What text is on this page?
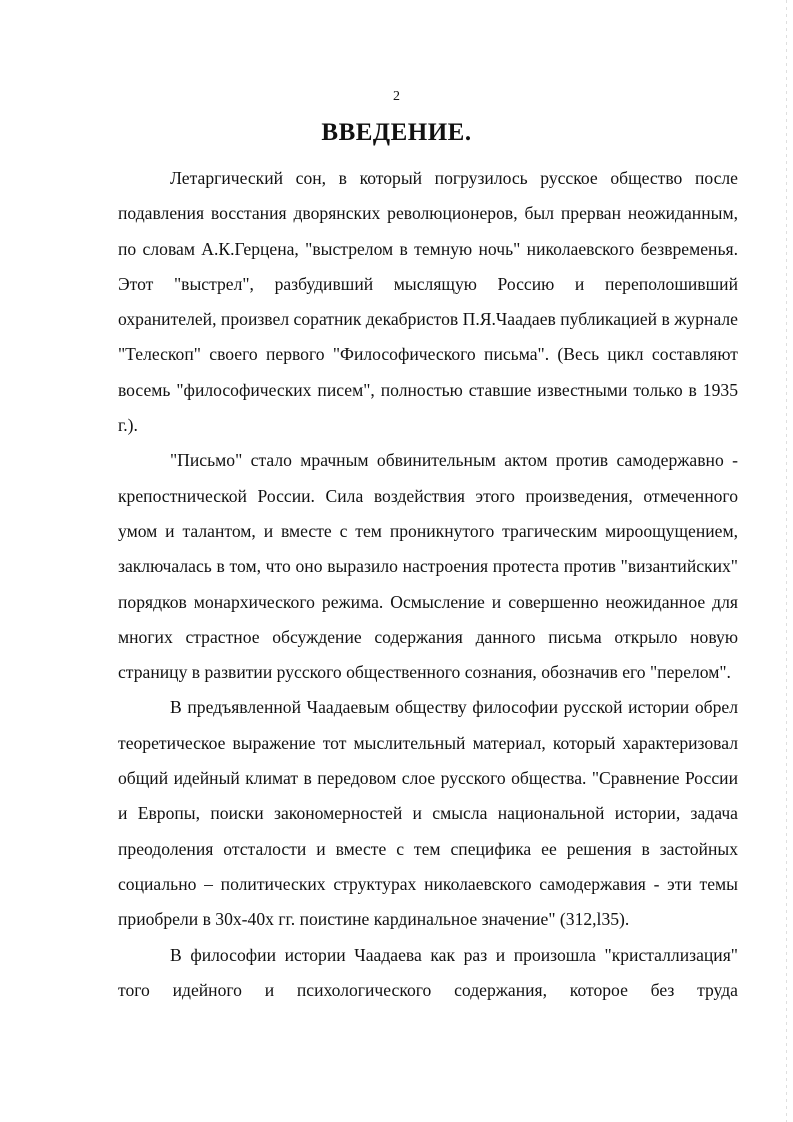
2
ВВЕДЕНИЕ.

Летаргический сон, в который погрузилось русское общество после подавления восстания дворянских революционеров, был прерван неожиданным, по словам А.К.Герцена, "выстрелом в темную ночь" николаевского безвременья. Этот "выстрел", разбудивший мыслящую Россию и переполошивший охранителей, произвел соратник декабристов П.Я.Чаадаев публикацией в журнале "Телескоп" своего первого "Философического письма". (Весь цикл составляют восемь "философических писем", полностью ставшие известными только в 1935 г.).

"Письмо" стало мрачным обвинительным актом против самодержавно - крепостнической России. Сила воздействия этого произведения, отмеченного умом и талантом, и вместе с тем проникнутого трагическим мироощущением, заключалась в том, что оно выразило настроения протеста против "византийских" порядков монархического режима. Осмысление и совершенно неожиданное для многих страстное обсуждение содержания данного письма открыло новую страницу в развитии русского общественного сознания, обозначив его "перелом".

В предъявленной Чаадаевым обществу философии русской истории обрел теоретическое выражение тот мыслительный материал, который характеризовал общий идейный климат в передовом слое русского общества. "Сравнение России и Европы, поиски закономерностей и смысла национальной истории, задача преодоления отсталости и вместе с тем специфика ее решения в застойных социально – политических структурах николаевского самодержавия - эти темы приобрели в 30х-40х гг. поистине кардинальное значение" (312,l35).

В философии истории Чаадаева как раз и произошла "кристаллизация" того идейного и психологического содержания, которое без труда
